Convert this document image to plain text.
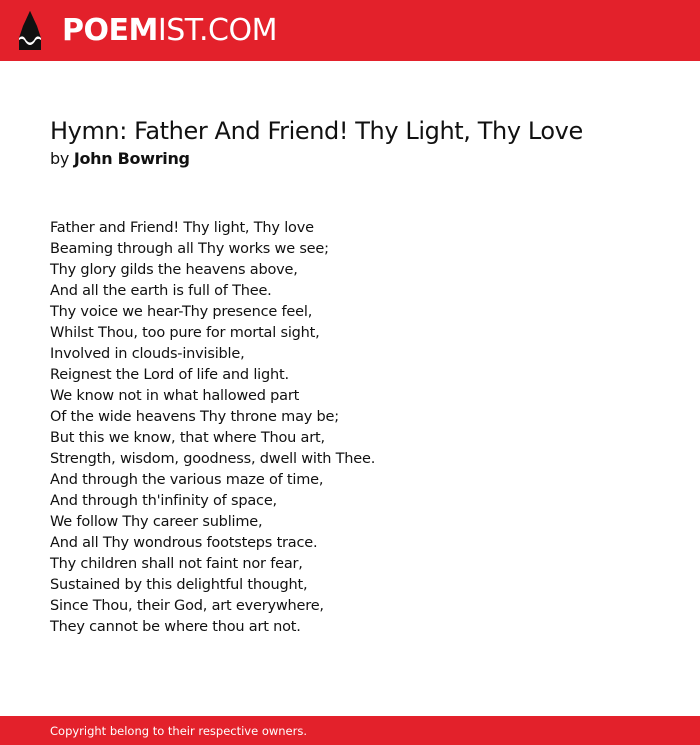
POEMIST.COM
Hymn: Father And Friend! Thy Light, Thy Love
by John Bowring
Father and Friend! Thy light, Thy love
Beaming through all Thy works we see;
Thy glory gilds the heavens above,
And all the earth is full of Thee.
Thy voice we hear-Thy presence feel,
Whilst Thou, too pure for mortal sight,
Involved in clouds-invisible,
Reignest the Lord of life and light.
We know not in what hallowed part
Of the wide heavens Thy throne may be;
But this we know, that where Thou art,
Strength, wisdom, goodness, dwell with Thee.
And through the various maze of time,
And through th'infinity of space,
We follow Thy career sublime,
And all Thy wondrous footsteps trace.
Thy children shall not faint nor fear,
Sustained by this delightful thought,
Since Thou, their God, art everywhere,
They cannot be where thou art not.
Copyright belong to their respective owners.
